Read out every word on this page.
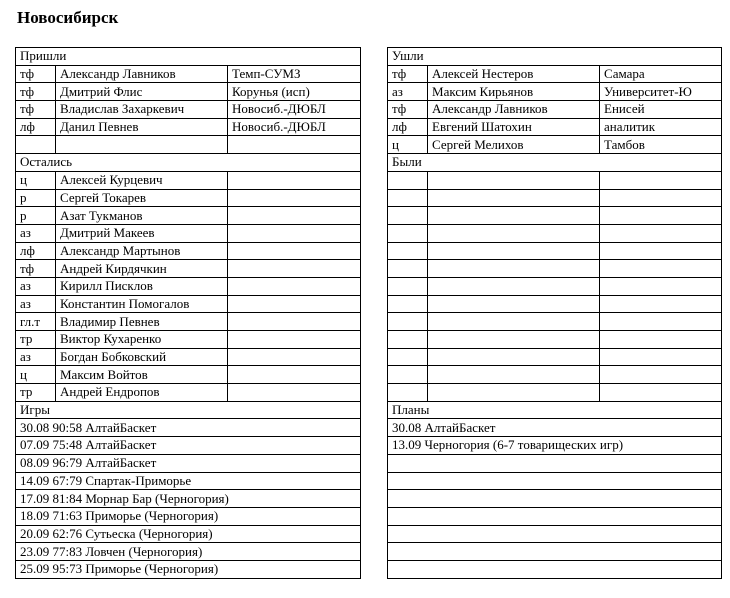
Новосибирск
Пришли				Ушли		
тф	Александр Лавников	Темп-СУМЗ		тф	Алексей Нестеров	Самара
тф	Дмитрий Флис	Корунья (исп)		аз	Максим Кирьянов	Университет-Ю
тф	Владислав Захаркевич	Новосиб.-ДЮБЛ		тф	Александр Лавников	Енисей
лф	Данил Певнев	Новосиб.-ДЮБЛ		лф	Евгений Шатохин	аналитик
				ц	Сергей Мелихов	Тамбов
Остались				Были		
ц	Алексей Курцевич					
р	Сергей Токарев					
р	Азат Тукманов					
аз	Дмитрий Макеев					
лф	Александр Мартынов					
тф	Андрей Кирдячкин					
аз	Кирилл Писклов					
аз	Константин Помогалов					
гл.т	Владимир Певнев					
тр	Виктор Кухаренко					
аз	Богдан Бобковский					
ц	Максим Войтов					
тр	Андрей Ендропов					
Игры				Планы		
30.08 90:58 АлтайБаскет				30.08 АлтайБаскет		
07.09 75:48 АлтайБаскет				13.09 Черногория (6-7 товарищеских игр)		
08.09 96:79 АлтайБаскет						
14.09 67:79 Спартак-Приморье						
17.09 81:84 Морнар Бар (Черногория)						
18.09 71:63 Приморье (Черногория)						
20.09 62:76 Сутьеска (Черногория)						
23.09 77:83 Ловчен (Черногория)						
25.09 95:73 Приморье (Черногория)						
